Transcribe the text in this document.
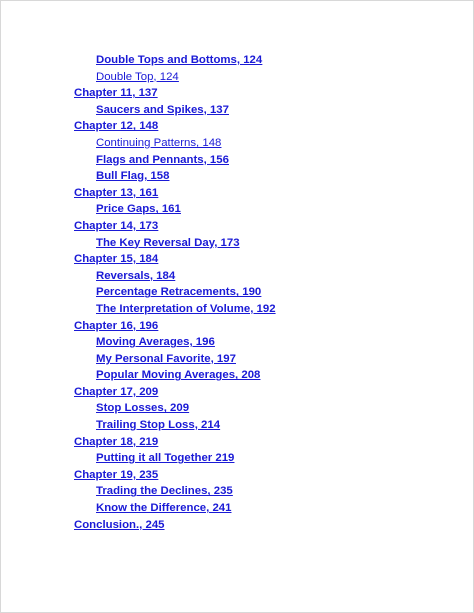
Double Tops and Bottoms, 124
Double Top, 124
Chapter 11, 137
Saucers and Spikes, 137
Chapter 12, 148
Continuing Patterns, 148
Flags and Pennants, 156
Bull Flag, 158
Chapter 13, 161
Price Gaps, 161
Chapter 14, 173
The Key Reversal Day, 173
Chapter 15, 184
Reversals, 184
Percentage Retracements, 190
The Interpretation of Volume, 192
Chapter 16, 196
Moving Averages, 196
My Personal Favorite, 197
Popular Moving Averages, 208
Chapter 17, 209
Stop Losses, 209
Trailing Stop Loss, 214
Chapter 18, 219
Putting it all Together 219
Chapter 19, 235
Trading the Declines, 235
Know the Difference, 241
Conclusion., 245
